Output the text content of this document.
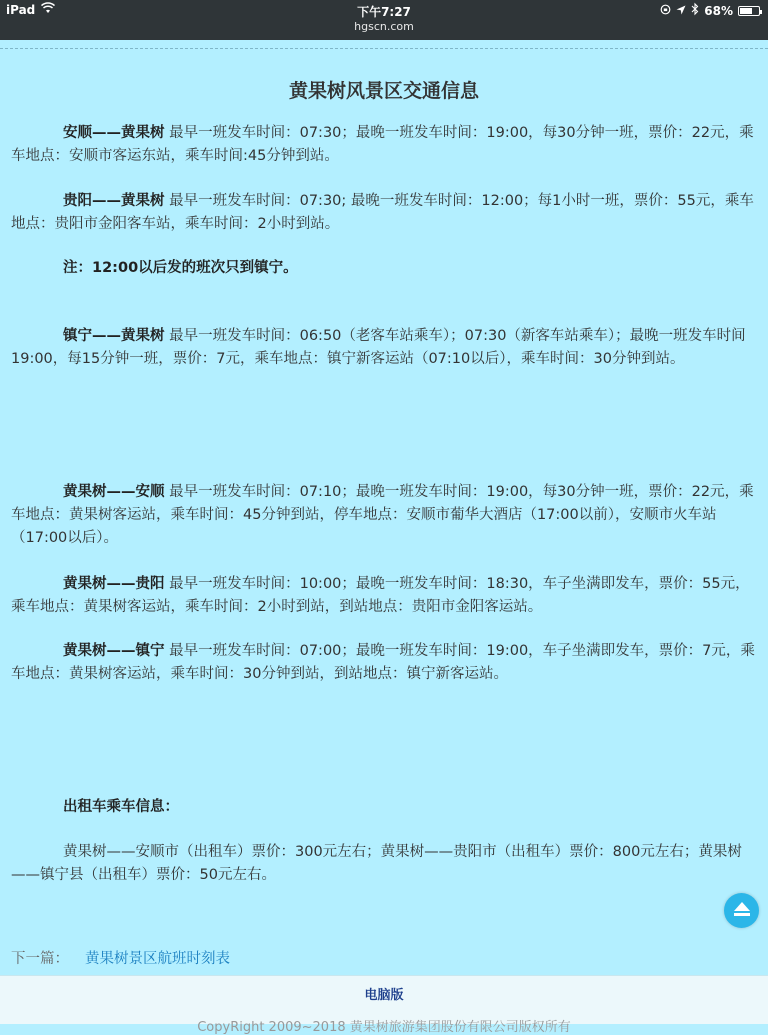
iPad	下午7:27
hgscn.com
68%
黄果树风景区交通信息

安顺——黄果树 最早一班发车时间：07:30；最晚一班发车时间：19:00，每30分钟一班，票价：22元，乘车地点：安顺市客运东站，乘车时间:45分钟到站。

贵阳——黄果树 最早一班发车时间：07:30; 最晚一班发车时间：12:00；每1小时一班，票价：55元，乘车地点：贵阳市金阳客车站，乘车时间：2小时到站。

注：12:00以后发的班次只到镇宁。

镇宁——黄果树 最早一班发车时间：06:50（老客车站乘车）；07:30（新客车站乘车）；最晚一班发车时间19:00，每15分钟一班，票价：7元，乘车地点：镇宁新客运站（07:10以后），乘车时间：30分钟到站。

黄果树——安顺 最早一班发车时间：07:10；最晚一班发车时间：19:00，每30分钟一班，票价：22元，乘车地点：黄果树客运站，乘车时间：45分钟到站，停车地点：安顺市葡华大酒店（17:00以前），安顺市火车站（17:00以后）。

黄果树——贵阳 最早一班发车时间：10:00；最晚一班发车时间：18:30，车子坐满即发车，票价：55元，乘车地点：黄果树客运站，乘车时间：2小时到站，到站地点：贵阳市金阳客运站。

黄果树——镇宁 最早一班发车时间：07:00；最晚一班发车时间：19:00，车子坐满即发车，票价：7元，乘车地点：黄果树客运站，乘车时间：30分钟到站，到站地点：镇宁新客运站。

出租车乘车信息：

黄果树——安顺市（出租车）票价：300元左右；黄果树——贵阳市（出租车）票价：800元左右；黄果树——镇宁县（出租车）票价：50元左右。

下一篇： 黄果树景区航班时刻表
电脑版
CopyRight 2009~2018 黄果树旅游集团股份有限公司版权所有
